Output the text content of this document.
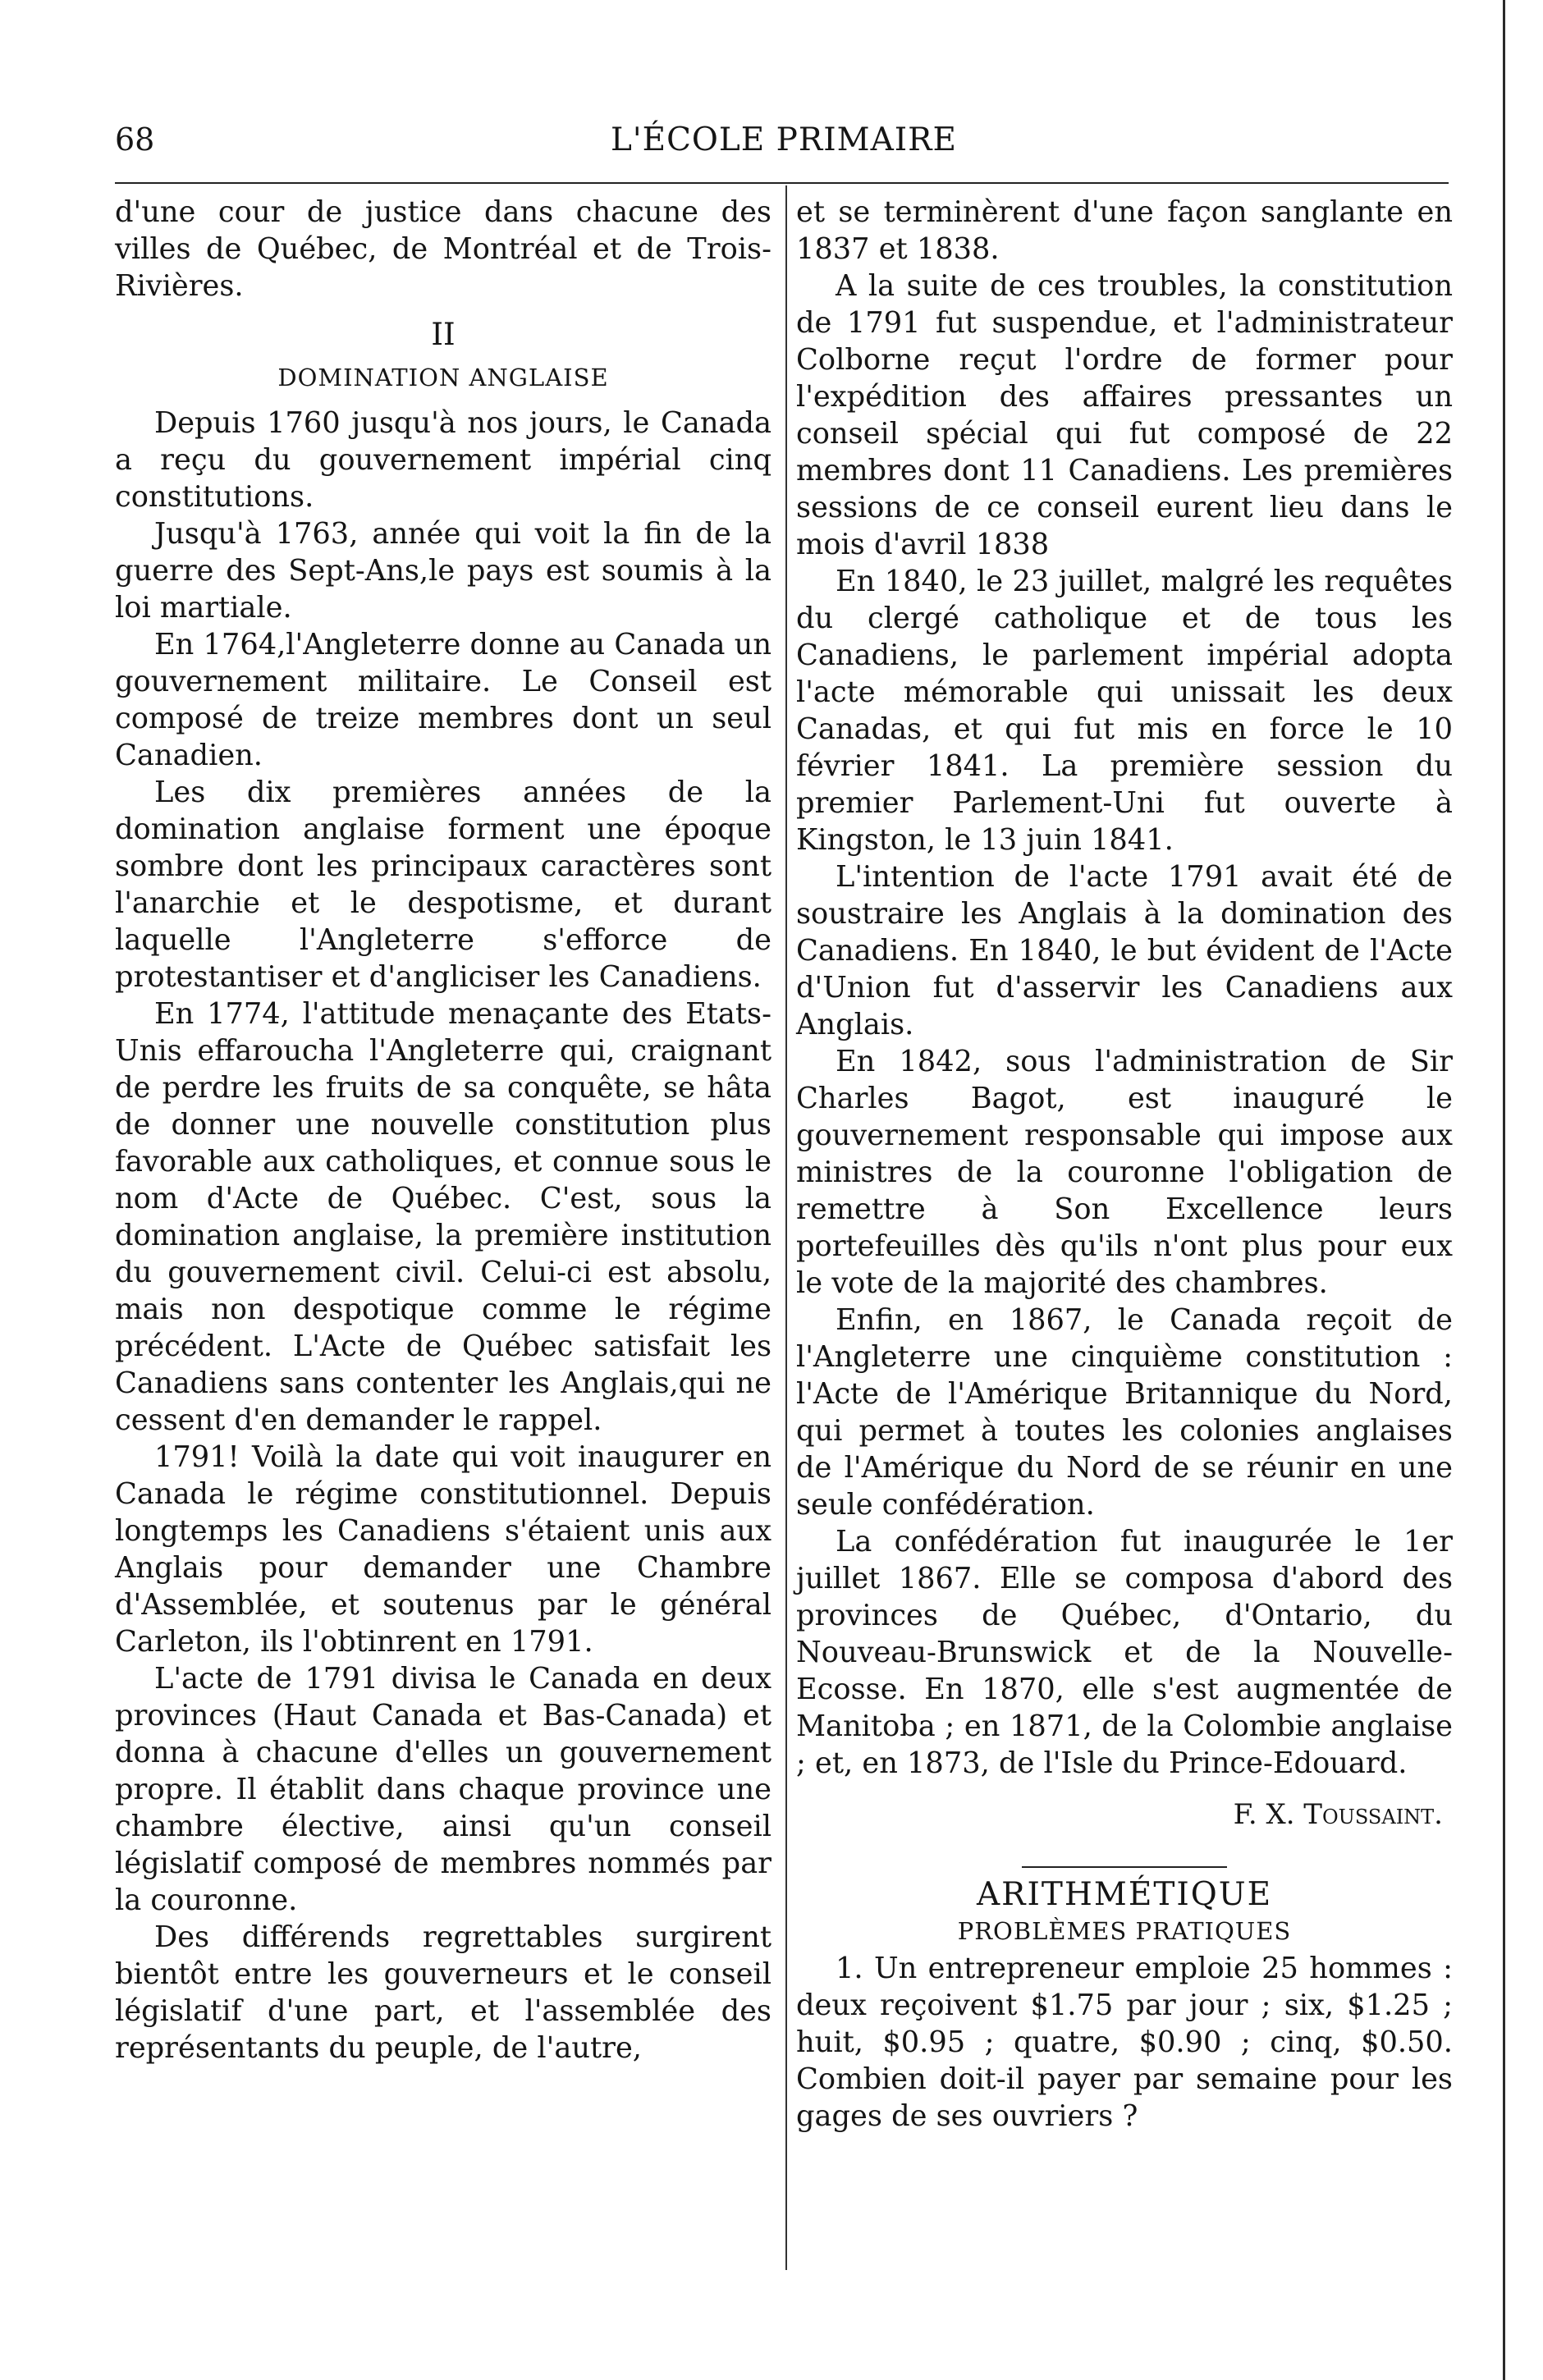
68	L'ÉCOLE PRIMAIRE

d'une cour de justice dans chacune des villes de Québec, de Montréal et de Trois-Rivières.

II

DOMINATION ANGLAISE

Depuis 1760 jusqu'à nos jours, le Canada a reçu du gouvernement impérial cinq constitutions.

Jusqu'à 1763, année qui voit la fin de la guerre des Sept-Ans,le pays est soumis à la loi martiale.

En 1764,l'Angleterre donne au Canada un gouvernement militaire. Le Conseil est composé de treize membres dont un seul Canadien.

Les dix premières années de la domination anglaise forment une époque sombre dont les principaux caractères sont l'anarchie et le despotisme, et durant laquelle l'Angleterre s'efforce de protestantiser et d'angliciser les Canadiens.

En 1774, l'attitude menaçante des Etats-Unis effaroucha l'Angleterre qui, craignant de perdre les fruits de sa conquête, se hâta de donner une nouvelle constitution plus favorable aux catholiques, et connue sous le nom d'Acte de Québec. C'est, sous la domination anglaise, la première institution du gouvernement civil. Celui-ci est absolu, mais non despotique comme le régime précédent. L'Acte de Québec satisfait les Canadiens sans contenter les Anglais,qui ne cessent d'en demander le rappel.

1791! Voilà la date qui voit inaugurer en Canada le régime constitutionnel. Depuis longtemps les Canadiens s'étaient unis aux Anglais pour demander une Chambre d'Assemblée, et soutenus par le général Carleton, ils l'obtinrent en 1791.

L'acte de 1791 divisa le Canada en deux provinces (Haut Canada et Bas-Canada) et donna à chacune d'elles un gouvernement propre. Il établit dans chaque province une chambre élective, ainsi qu'un conseil législatif composé de membres nommés par la couronne.

Des différends regrettables surgirent bientôt entre les gouverneurs et le conseil législatif d'une part, et l'assemblée des représentants du peuple, de l'autre,

et se terminèrent d'une façon sanglante en 1837 et 1838.

A la suite de ces troubles, la constitution de 1791 fut suspendue, et l'administrateur Colborne reçut l'ordre de former pour l'expédition des affaires pressantes un conseil spécial qui fut composé de 22 membres dont 11 Canadiens. Les premières sessions de ce conseil eurent lieu dans le mois d'avril 1838

En 1840, le 23 juillet, malgré les requêtes du clergé catholique et de tous les Canadiens, le parlement impérial adopta l'acte mémorable qui unissait les deux Canadas, et qui fut mis en force le 10 février 1841. La première session du premier Parlement-Uni fut ouverte à Kingston, le 13 juin 1841.

L'intention de l'acte 1791 avait été de soustraire les Anglais à la domination des Canadiens. En 1840, le but évident de l'Acte d'Union fut d'asservir les Canadiens aux Anglais.

En 1842, sous l'administration de Sir Charles Bagot, est inauguré le gouvernement responsable qui impose aux ministres de la couronne l'obligation de remettre à Son Excellence leurs portefeuilles dès qu'ils n'ont plus pour eux le vote de la majorité des chambres.

Enfin, en 1867, le Canada reçoit de l'Angleterre une cinquième constitution : l'Acte de l'Amérique Britannique du Nord, qui permet à toutes les colonies anglaises de l'Amérique du Nord de se réunir en une seule confédération.

La confédération fut inaugurée le 1er juillet 1867. Elle se composa d'abord des provinces de Québec, d'Ontario, du Nouveau-Brunswick et de la Nouvelle-Ecosse. En 1870, elle s'est augmentée de Manitoba ; en 1871, de la Colombie anglaise ; et, en 1873, de l'Isle du Prince-Edouard.

F. X. Toussaint.

ARITHMÉTIQUE

PROBLÈMES PRATIQUES

1. Un entrepreneur emploie 25 hommes : deux reçoivent $1.75 par jour ; six, $1.25 ; huit, $0.95 ; quatre, $0.90 ; cinq, $0.50. Combien doit-il payer par semaine pour les gages de ses ouvriers ?
